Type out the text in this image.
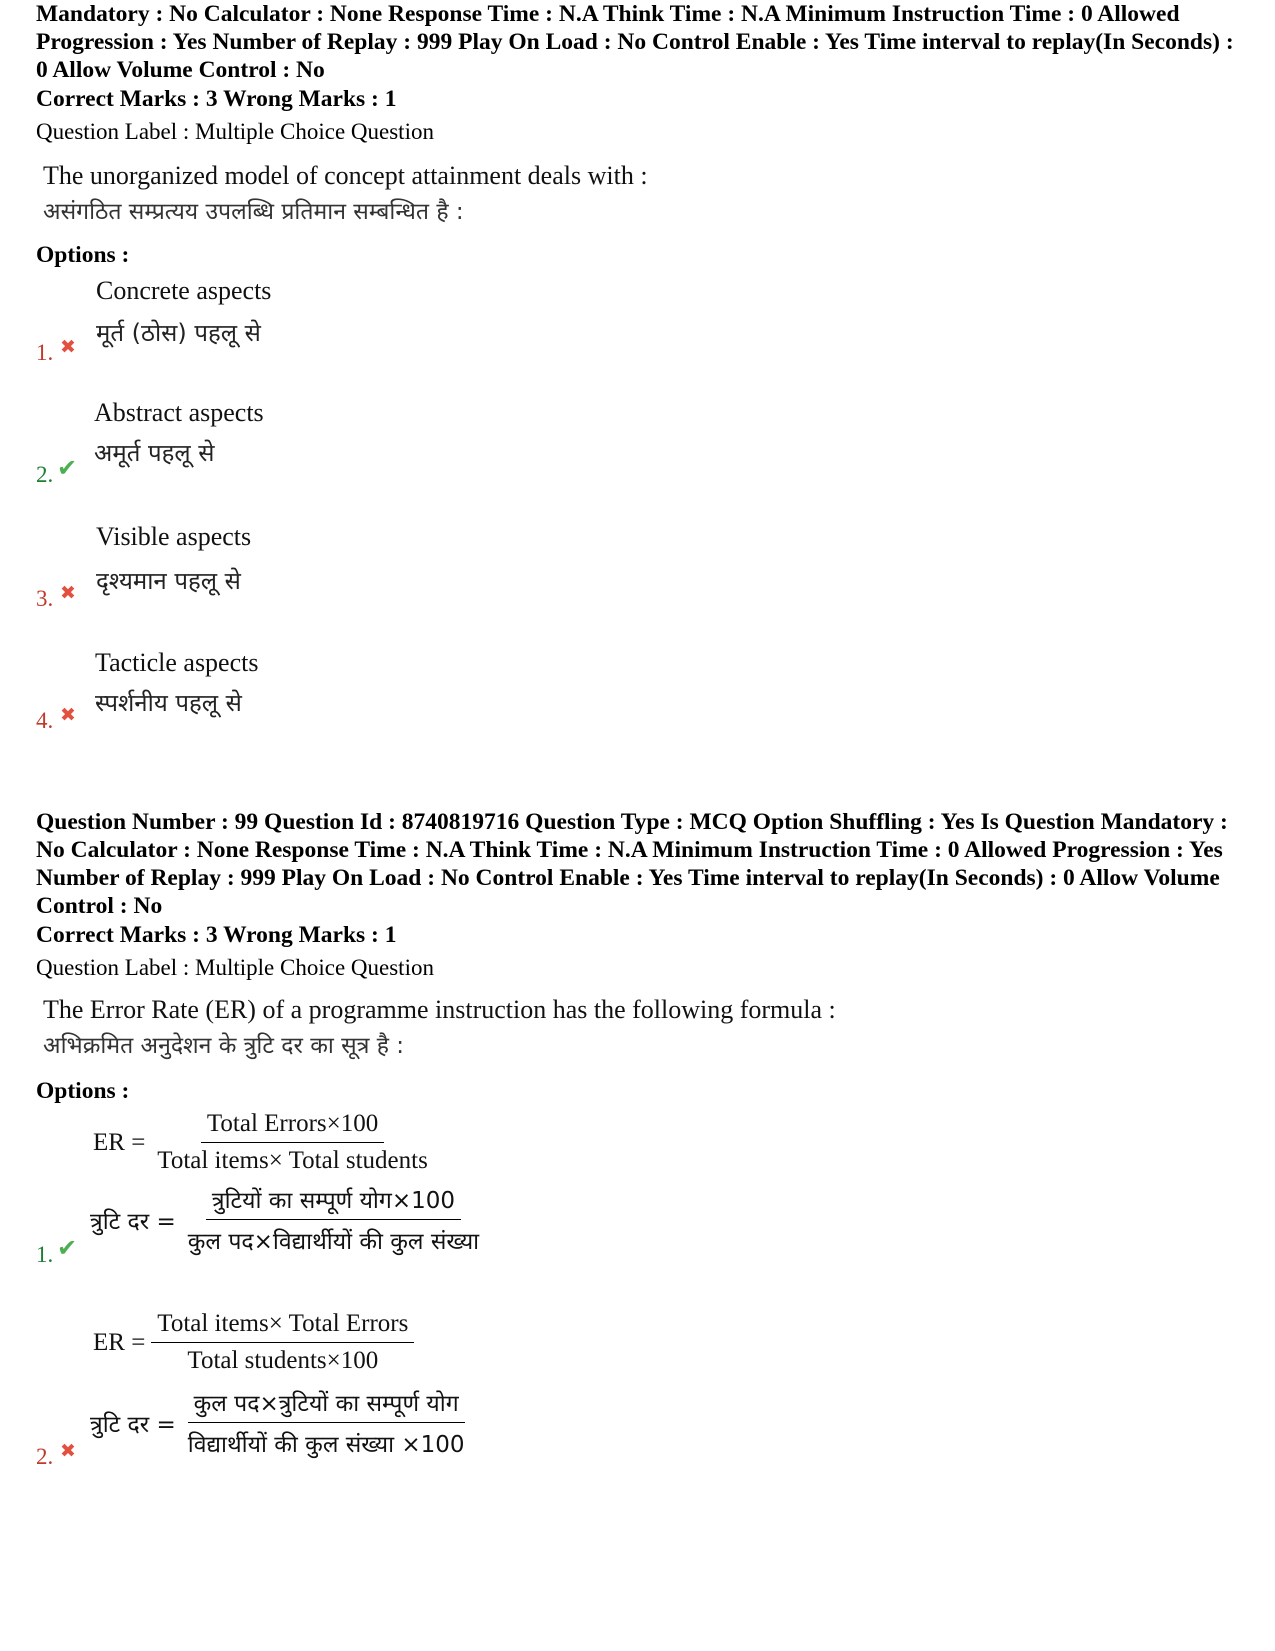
Mandatory : No Calculator : None Response Time : N.A Think Time : N.A Minimum Instruction Time : 0 Allowed Progression : Yes Number of Replay : 999 Play On Load : No Control Enable : Yes Time interval to replay(In Seconds) : 0 Allow Volume Control : No
Correct Marks : 3 Wrong Marks : 1
Question Label : Multiple Choice Question
The unorganized model of concept attainment deals with :
असंगठित सम्प्रत्यय उपलब्धि प्रतिमान सम्बन्धित है :
Options :
1. ✖
Concrete aspects
मूर्त (ठोस) पहलू से
2. ✔
Abstract aspects
अमूर्त पहलू से
3. ✖
Visible aspects
दृश्यमान पहलू से
4. ✖
Tacticle aspects
स्पर्शनीय पहलू से
Question Number : 99 Question Id : 8740819716 Question Type : MCQ Option Shuffling : Yes Is Question Mandatory : No Calculator : None Response Time : N.A Think Time : N.A Minimum Instruction Time : 0 Allowed Progression : Yes Number of Replay : 999 Play On Load : No Control Enable : Yes Time interval to replay(In Seconds) : 0 Allow Volume Control : No
Correct Marks : 3 Wrong Marks : 1
Question Label : Multiple Choice Question
The Error Rate (ER) of a programme instruction has the following formula :
अभिक्रमित अनुदेशन के त्रुटि दर का सूत्र है :
Options :
ER = $\frac{\text{Total Errors×100}}{\text{Total items× Total students}}$
त्रुटि दर = $\frac{\text{त्रुटियों का सम्पूर्ण योग×100}}{\text{कुल पद×विद्यार्थीयों की कुल संख्या}}$
1. ✔
ER = $\frac{\text{Total items× Total Errors}}{\text{Total students×100}}$
त्रुटि दर = $\frac{\text{कुल पद×त्रुटियों का सम्पूर्ण योग}}{\text{विद्यार्थीयों की कुल संख्या ×100}}$
2. ✖
